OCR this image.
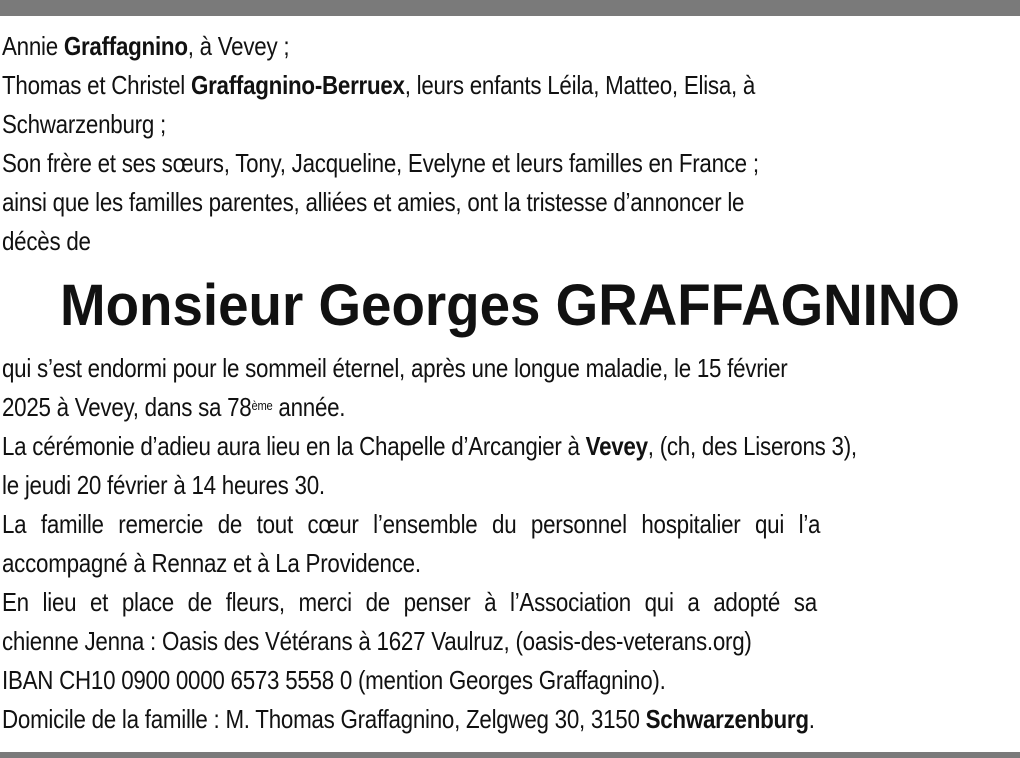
Annie Graffagnino, à Vevey ;
Thomas et Christel Graffagnino-Berruex, leurs enfants Léila, Matteo, Elisa, à
Schwarzenburg ;
Son frère et ses sœurs, Tony, Jacqueline, Evelyne et leurs familles en France ;
ainsi que les familles parentes, alliées et amies, ont la tristesse d’annoncer le
décès de
Monsieur Georges GRAFFAGNINO
qui s’est endormi pour le sommeil éternel, après une longue maladie, le 15 février
2025 à Vevey, dans sa 78ème année.
La cérémonie d’adieu aura lieu en la Chapelle d’Arcangier à Vevey, (ch, des Liserons 3),
le jeudi 20 février à 14 heures 30.
La famille remercie de tout cœur l’ensemble du personnel hospitalier qui l’a
accompagné à Rennaz et à La Providence.
En lieu et place de fleurs, merci de penser à l’Association qui a adopté sa
chienne Jenna : Oasis des Vétérans à 1627 Vaulruz, (oasis-des-veterans.org)
IBAN CH10 0900 0000 6573 5558 0 (mention Georges Graffagnino).
Domicile de la famille : M. Thomas Graffagnino, Zelgweg 30, 3150 Schwarzenburg.
